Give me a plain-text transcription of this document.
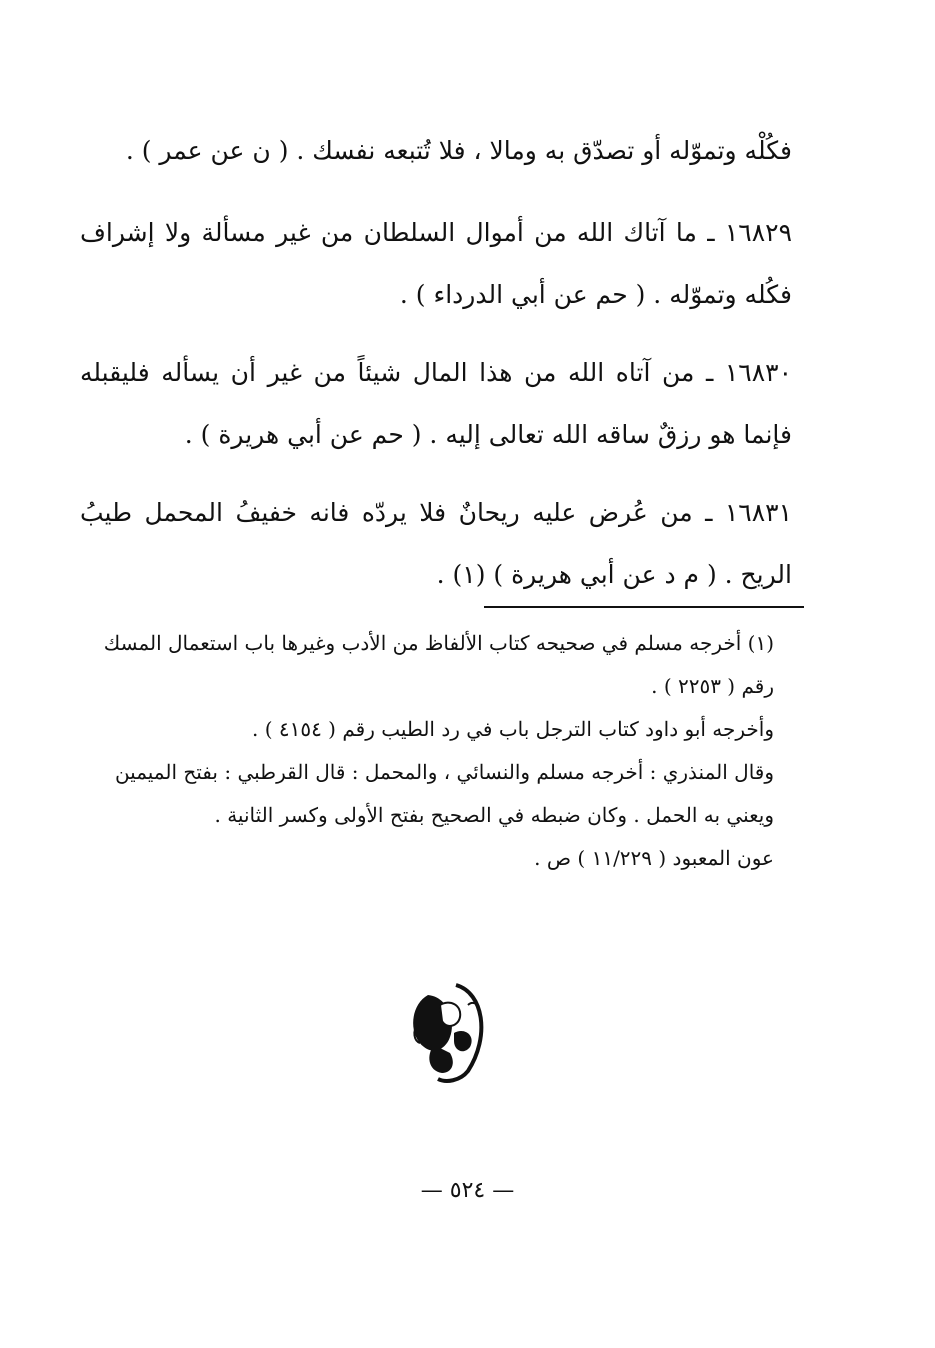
فكُلْه وتموّله أو تصدّق به ومالا ، فلا تُتبعه نفسك . ( ن عن عمر ) .

١٦٨٢٩ ـ ما آتاك الله من أموال السلطان من غير مسألة ولا إشراف فكُله وتموّله . ( حم عن أبي الدرداء ) .

١٦٨٣٠ ـ من آتاه الله من هذا المال شيئاً من غير أن يسأله فليقبله فإنما هو رزقٌ ساقه الله تعالى إليه . ( حم عن أبي هريرة ) .

١٦٨٣١ ـ من عُرض عليه ريحانٌ فلا يردّه فانه خفيفُ المحمل طيبُ الريح . ( م د عن أبي هريرة ) (١) .

(١) أخرجه مسلم في صحيحه كتاب الألفاظ من الأدب وغيرها باب استعمال المسك رقم ( ٢٢٥٣ ) .

وأخرجه أبو داود كتاب الترجل باب في رد الطيب رقم ( ٤١٥٤ ) .

وقال المنذري : أخرجه مسلم والنسائي ، والمحمل : قال القرطبي : بفتح الميمين ويعني به الحمل . وكان ضبطه في الصحيح بفتح الأولى وكسر الثانية .

عون المعبود ( ١١/٢٢٩ ) ص .

— ٥٢٤ —
